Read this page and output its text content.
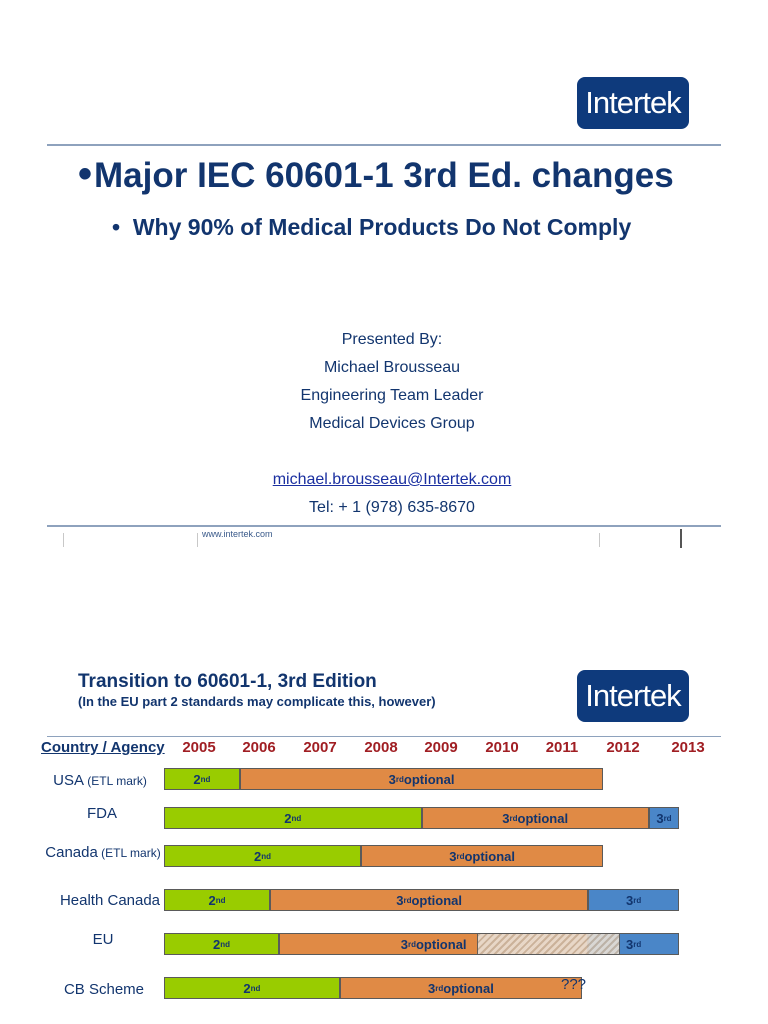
Intertek
•Major IEC 60601-1 3rd Ed. changes
•  Why 90% of Medical Products Do Not Comply
Presented By:
Michael Brousseau
Engineering Team Leader
Medical Devices Group
michael.brousseau@Intertek.com
Tel: + 1 (978) 635-8670
www.intertek.com
Transition to 60601-1, 3rd Edition
(In the EU part 2 standards may complicate this, however)	Intertek
Country / Agency	2005	2006	2007	2008	2009	2010	2011	2012	2013
USA (ETL mark)	2 nd	3 rd optional
FDA	2 nd	3 rd optional	3 rd
Canada (ETL mark)	2 nd	3 rd optional
Health Canada	2 nd	3 rd optional	3 rd
EU	2 nd	3 rd optional	3 rd
CB Scheme	2 nd	3 rd optional	???
